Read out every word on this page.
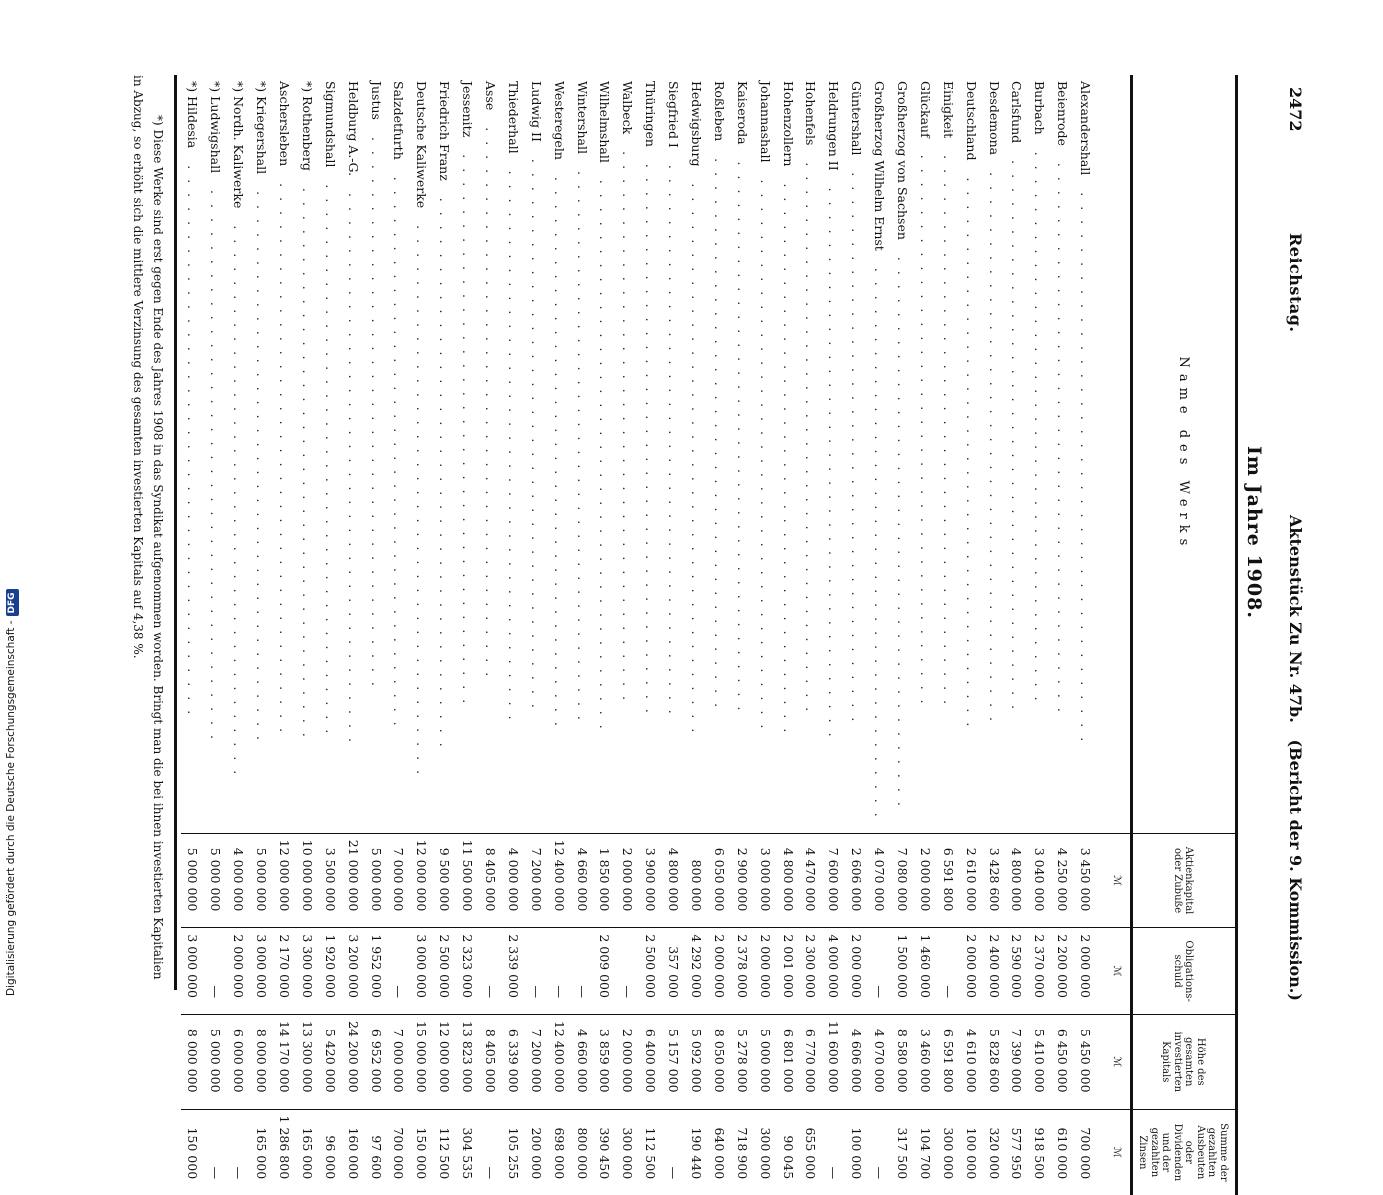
2472
Reichstag.
Aktenstück Zu Nr. 47b.   (Bericht der 9. Kommission.)
Im Jahre 1908.
Name des Werks	Aktienkapital oder Zubuße	Obligations-schuld	Höhe des gesamten investierten Kapitals	Summe der gezahlten Ausbeuten oder Dividenden und der gezahlten Zinsen
	ℳ	ℳ	ℳ	ℳ
Alexandershall ........................................	3 450 000	2 000 000	5 450 000	700 000
Beienrode ........................................	4 250 000	2 200 000	6 450 000	610 000
Burbach ........................................	3 040 000	2 370 000	5 410 000	918 500
Carlsfund ........................................	4 800 000	2 590 000	7 390 000	577 950
Desdemona ........................................	3 428 600	2 400 000	5 828 600	320 000
Deutschland ........................................	2 610 000	2 000 000	4 610 000	100 000
Einigkeit ........................................	6 591 800	—	6 591 800	300 000
Glückauf ........................................	2 000 000	1 460 000	3 460 000	104 700
Großherzog von Sachsen ........................................	7 080 000	1 500 000	8 580 000	317 500
Großherzog Wilhelm Ernst ........................................	4 070 000	—	4 070 000	—
Güntershall ........................................	2 606 000	2 000 000	4 606 000	100 000
Heldrungen II ........................................	7 600 000	4 000 000	11 600 000	—
Hohenfels ........................................	4 470 000	2 300 000	6 770 000	655 000
Hohenzollern ........................................	4 800 000	2 001 000	6 801 000	90 045
Johannashall ........................................	3 000 000	2 000 000	5 000 000	300 000
Kaiseroda ........................................	2 900 000	2 378 000	5 278 000	718 900
Roßleben ........................................	6 050 000	2 000 000	8 050 000	640 000
Hedwigsburg ........................................	800 000	4 292 000	5 092 000	190 440
Siegfried I ........................................	4 800 000	357 000	5 157 000	—
Thüringen ........................................	3 900 000	2 500 000	6 400 000	112 500
Walbeck ........................................	2 000 000	—	2 000 000	300 000
Wilhelmshall ........................................	1 850 000	2 009 000	3 859 000	390 450
Wintershall ........................................	4 660 000	—	4 660 000	800 000
Westeregeln ........................................	12 400 000	—	12 400 000	698 000
Ludwig II ........................................	7 200 000	—	7 200 000	200 000
Thiederhall ........................................	4 000 000	2 339 000	6 339 000	105 255
Asse ........................................	8 405 000	—	8 405 000	—
Jessenitz ........................................	11 500 000	2 323 000	13 823 000	304 535
Friedrich Franz ........................................	9 500 000	2 500 000	12 000 000	112 500
Deutsche Kaliwerke ........................................	12 000 000	3 000 000	15 000 000	150 000
Salzdetfurth ........................................	7 000 000	—	7 000 000	700 000
Justus ........................................	5 000 000	1 952 000	6 952 000	97 600
Heldburg A.-G. ........................................	21 000 000	3 200 000	24 200 000	160 000
Sigmundshall ........................................	3 500 000	1 920 000	5 420 000	96 000
*) Rothenberg ........................................	10 000 000	3 300 000	13 300 000	165 000
Aschersleben ........................................	12 000 000	2 170 000	14 170 000	1 286 800
*) Kriegershall ........................................	5 000 000	3 000 000	8 000 000	165 000
*) Nordh. Kaliwerke ........................................	4 000 000	2 000 000	6 000 000	—
*) Ludwigshall ........................................	5 000 000	—	5 000 000	—
*) Hildesia ........................................	5 000 000	3 000 000	8 000 000	150 000
*) Diese Werke sind erst gegen Ende des Jahres 1908 in das Syndikat aufgenommen worden. Bringt man die bei ihnen investierten Kapitalien in Abzug, so erhöht sich die mittlere Verzinsung des gesamten investierten Kapitals auf 4,38 %.
Digitalisierung gefördert durch die Deutsche Forschungsgemeinschaft -DFG
